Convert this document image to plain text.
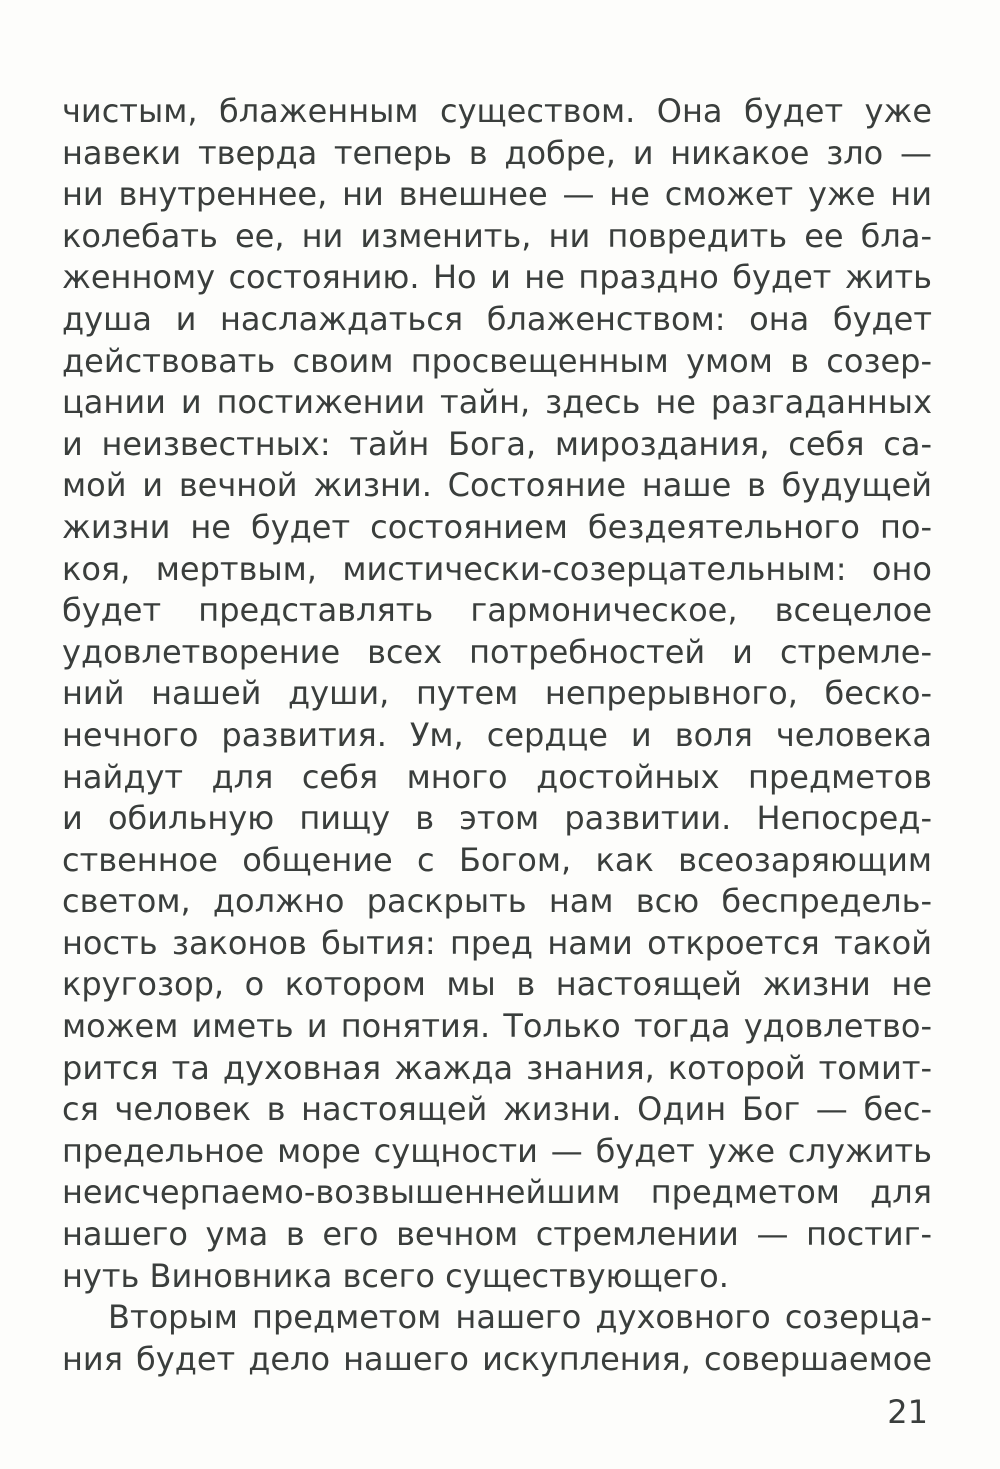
чистым, блаженным существом. Она будет уже
навеки тверда теперь в добре, и никакое зло —
ни внутреннее, ни внешнее — не сможет уже ни
колебать ее, ни изменить, ни повредить ее бла-
женному состоянию. Но и не праздно будет жить
душа и наслаждаться блаженством: она будет
действовать своим просвещенным умом в созер-
цании и постижении тайн, здесь не разгаданных
и неизвестных: тайн Бога, мироздания, себя са-
мой и вечной жизни. Состояние наше в будущей
жизни не будет состоянием бездеятельного по-
коя, мертвым, мистически-созерцательным: оно
будет представлять гармоническое, всецелое
удовлетворение всех потребностей и стремле-
ний нашей души, путем непрерывного, беско-
нечного развития. Ум, сердце и воля человека
найдут для себя много достойных предметов
и обильную пищу в этом развитии. Непосред-
ственное общение с Богом, как всеозаряющим
светом, должно раскрыть нам всю беспредель-
ность законов бытия: пред нами откроется такой
кругозор, о котором мы в настоящей жизни не
можем иметь и понятия. Только тогда удовлетво-
рится та духовная жажда знания, которой томит-
ся человек в настоящей жизни. Один Бог — бес-
предельное море сущности — будет уже служить
неисчерпаемо-возвышеннейшим предметом для
нашего ума в его вечном стремлении — постиг-
нуть Виновника всего существующего.
Вторым предметом нашего духовного созерца-
ния будет дело нашего искупления, совершаемое
21
